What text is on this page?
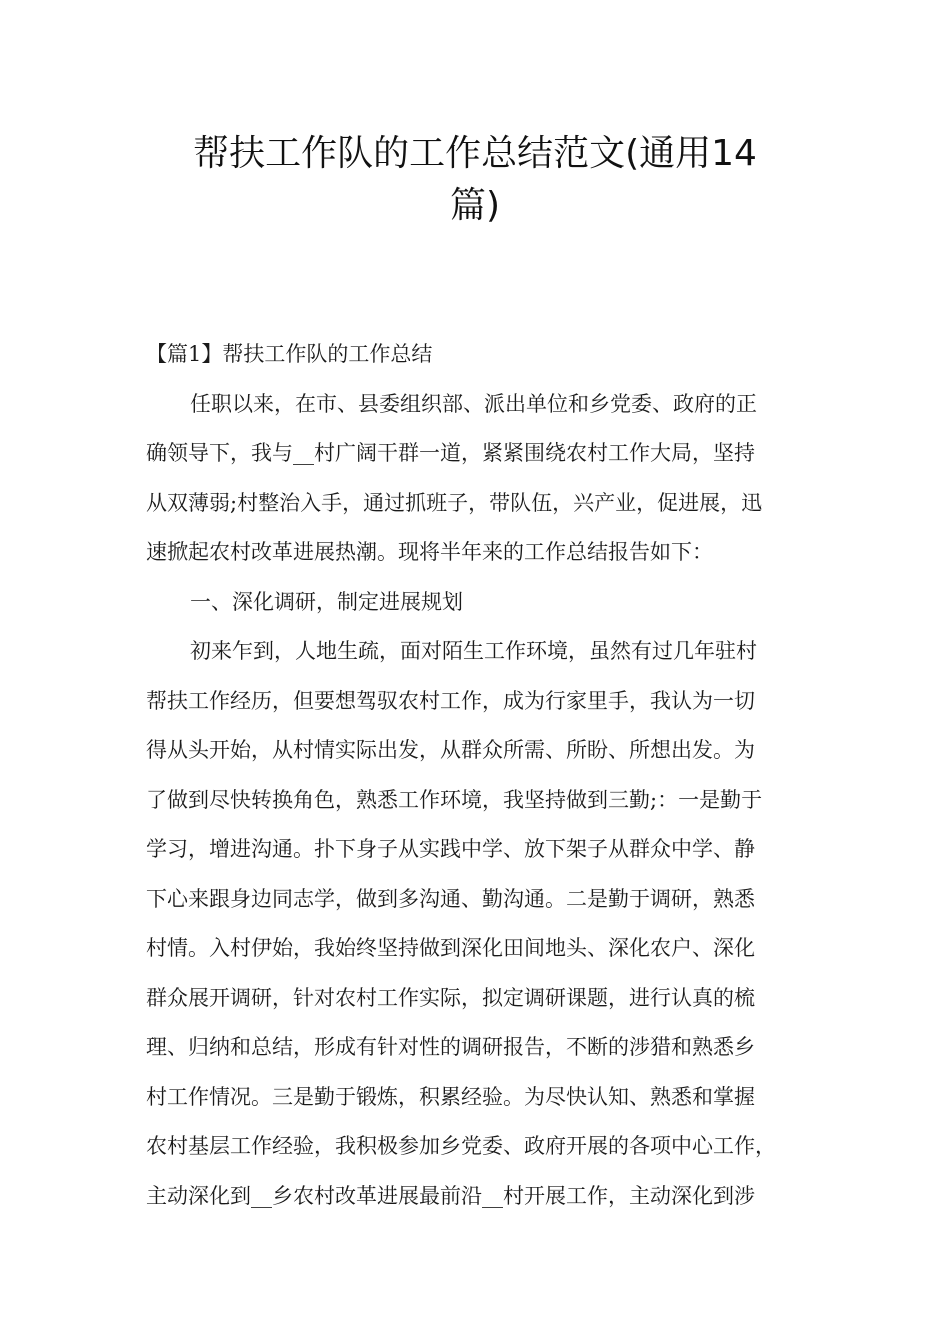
帮扶工作队的工作总结范文(通用14
篇)
【篇1】帮扶工作队的工作总结
任职以来，在市、县委组织部、派出单位和乡党委、政府的正
确领导下，我与__村广阔干群一道，紧紧围绕农村工作大局，坚持
从双薄弱;村整治入手，通过抓班子，带队伍，兴产业，促进展，迅
速掀起农村改革进展热潮。现将半年来的工作总结报告如下：
一、深化调研，制定进展规划
初来乍到，人地生疏，面对陌生工作环境，虽然有过几年驻村
帮扶工作经历，但要想驾驭农村工作，成为行家里手，我认为一切
得从头开始，从村情实际出发，从群众所需、所盼、所想出发。为
了做到尽快转换角色，熟悉工作环境，我坚持做到三勤;：一是勤于
学习，增进沟通。扑下身子从实践中学、放下架子从群众中学、静
下心来跟身边同志学，做到多沟通、勤沟通。二是勤于调研，熟悉
村情。入村伊始，我始终坚持做到深化田间地头、深化农户、深化
群众展开调研，针对农村工作实际，拟定调研课题，进行认真的梳
理、归纳和总结，形成有针对性的调研报告，不断的涉猎和熟悉乡
村工作情况。三是勤于锻炼，积累经验。为尽快认知、熟悉和掌握
农村基层工作经验，我积极参加乡党委、政府开展的各项中心工作，
主动深化到__乡农村改革进展最前沿__村开展工作，主动深化到涉
